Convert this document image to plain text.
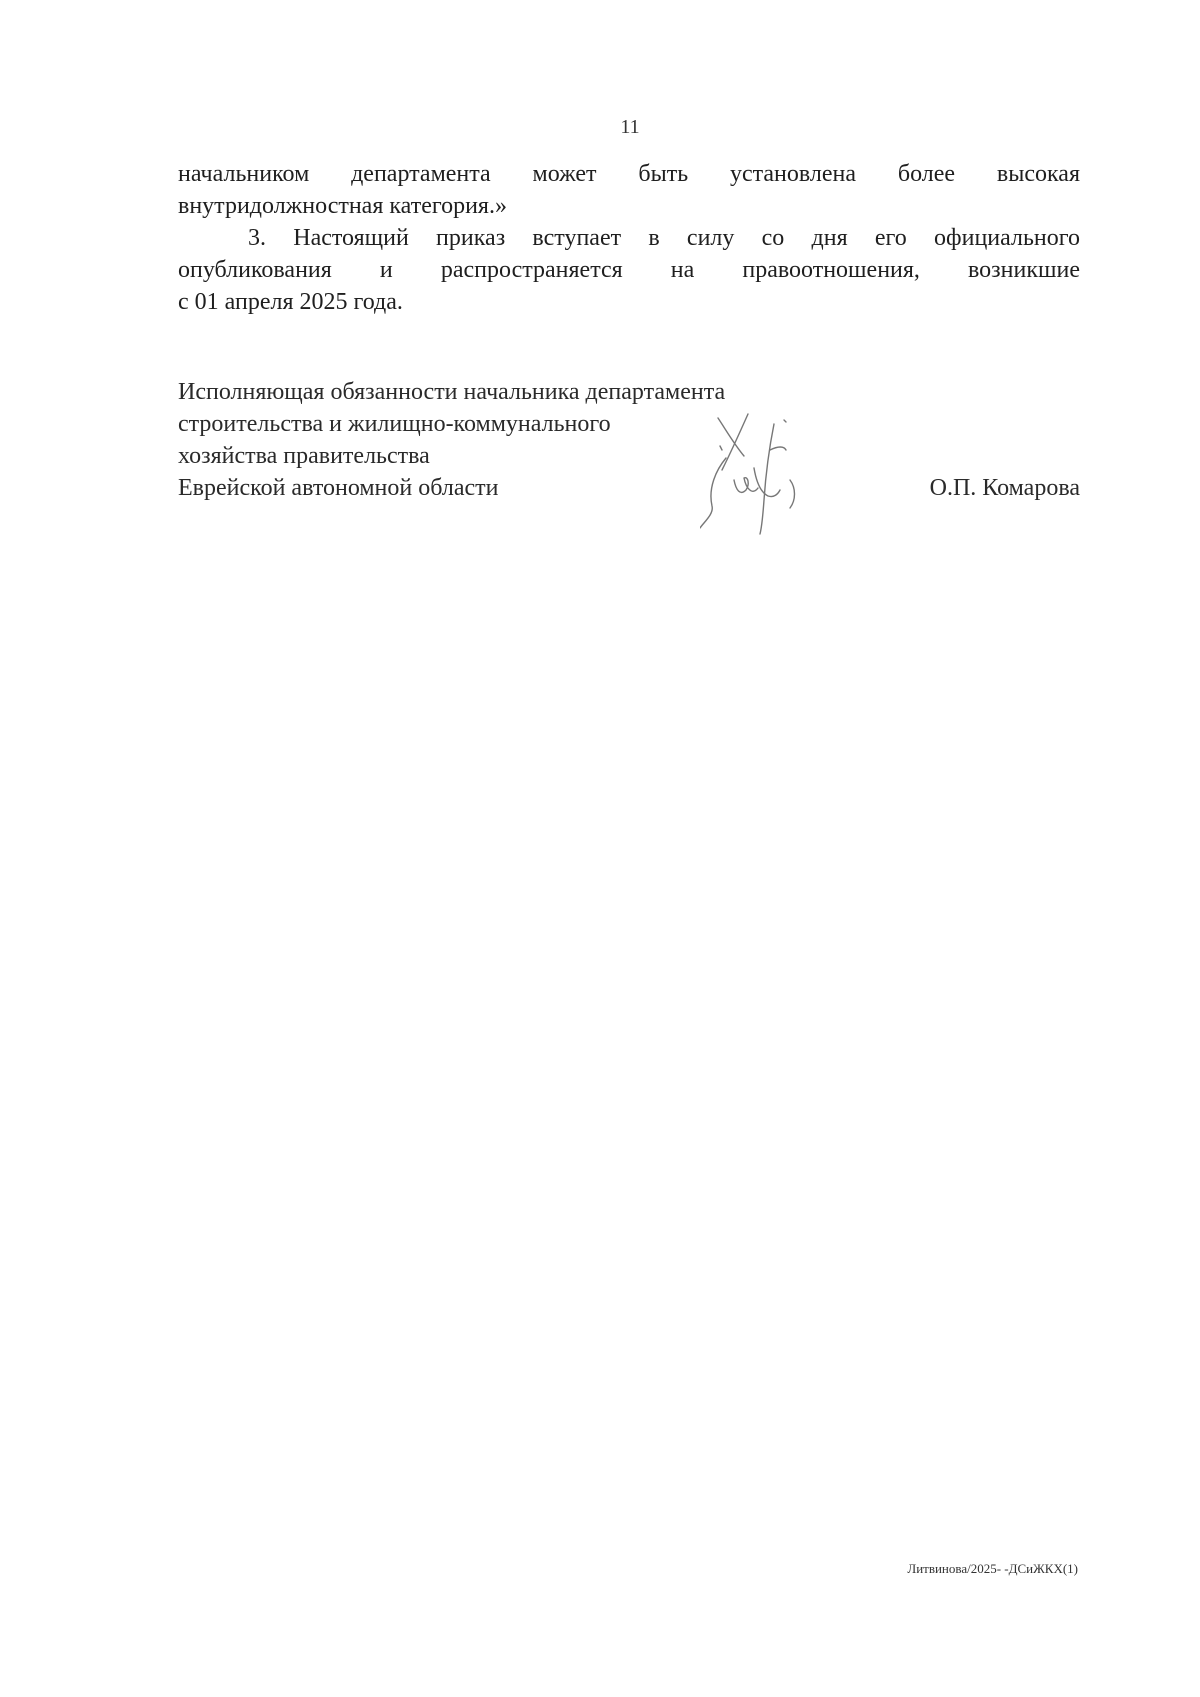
11
начальником департамента может быть установлена более высокая
внутридолжностная категория.»
3. Настоящий приказ вступает в силу со дня его официального
опубликования и распространяется на правоотношения, возникшие
с 01 апреля 2025 года.
Исполняющая обязанности начальника департамента
строительства и жилищно-коммунального
хозяйства правительства
Еврейской автономной области	О.П. Комарова
Литвинова/2025- -ДСиЖКХ(1)
